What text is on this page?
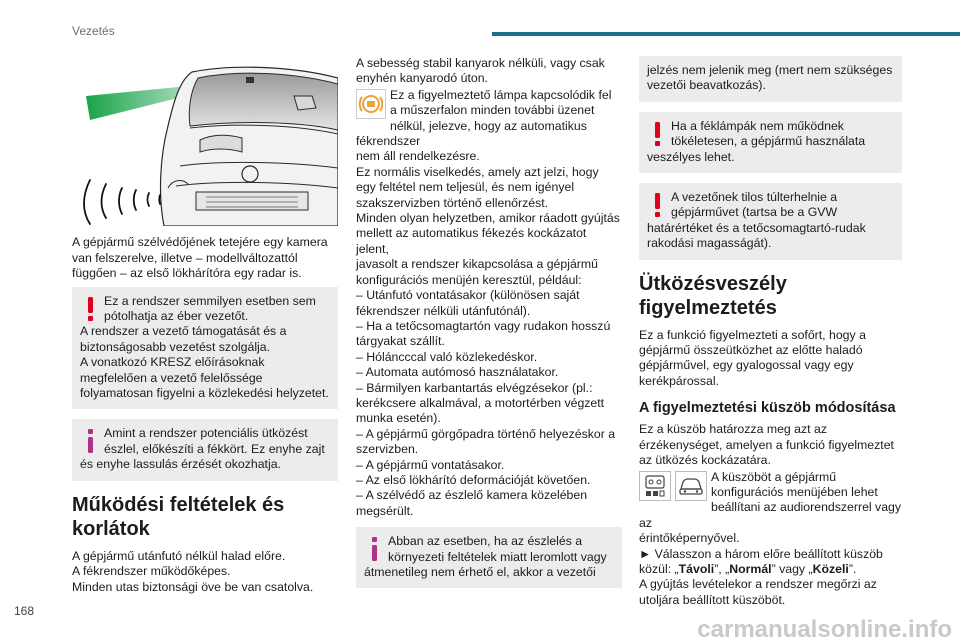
Vezetés
168
A gépjármű szélvédőjének tetejére egy kamera
van felszerelve, illetve – modellváltozattól
függően – az első lökhárítóra egy radar is.
Ez a rendszer semmilyen esetben sem
pótolhatja az éber vezetőt.
A rendszer a vezető támogatását és a
biztonságosabb vezetést szolgálja.
A vonatkozó KRESZ előírásoknak
megfelelően a vezető felelőssége
folyamatosan figyelni a közlekedési helyzetet.
Amint a rendszer potenciális ütközést
észlel, előkészíti a fékkört. Ez enyhe zajt
és enyhe lassulás érzését okozhatja.
Működési feltételek és
korlátok
A gépjármű utánfutó nélkül halad előre.
A fékrendszer működőképes.
Minden utas biztonsági öve be van csatolva.
A sebesség stabil kanyarok nélküli, vagy csak
enyhén kanyarodó úton.
Ez a figyelmeztető lámpa kapcsolódik fel
a műszerfalon minden további üzenet
nélkül, jelezve, hogy az automatikus fékrendszer
nem áll rendelkezésre.
Ez normális viselkedés, amely azt jelzi, hogy
egy feltétel nem teljesül, és nem igényel
szakszervizben történő ellenőrzést.
Minden olyan helyzetben, amikor ráadott gyújtás
mellett az automatikus fékezés kockázatot jelent,
javasolt a rendszer kikapcsolása a gépjármű
konfigurációs menüjén keresztül, például:
– Utánfutó vontatásakor (különösen saját
fékrendszer nélküli utánfutónál).
– Ha a tetőcsomagtartón vagy rudakon hosszú
tárgyakat szállít.
– Hóláncccal való közlekedéskor.
– Automata autómosó használatakor.
– Bármilyen karbantartás elvégzésekor (pl.:
kerékcsere alkalmával, a motortérben végzett
munka esetén).
– A gépjármű görgőpadra történő helyezéskor a
szervizben.
– A gépjármű vontatásakor.
– Az első lökhárító deformációját követően.
– A szélvédő az észlelő kamera közelében
megsérült.
Abban az esetben, ha az észlelés a
környezeti feltételek miatt leromlott vagy
átmenetileg nem érhető el, akkor a vezetői
jelzés nem jelenik meg (mert nem szükséges
vezetői beavatkozás).
Ha a féklámpák nem működnek
tökéletesen, a gépjármű használata
veszélyes lehet.
A vezetőnek tilos túlterhelnie a
gépjárművet (tartsa be a GVW
határértéket és a tetőcsomagtartó-rudak
rakodási magasságát).
Ütközésveszély
figyelmeztetés
Ez a funkció figyelmezteti a sofőrt, hogy a
gépjármű összeütközhet az előtte haladó
gépjárművel, egy gyalogossal vagy egy
kerékpárossal.
A figyelmeztetési küszöb módosítása
Ez a küszöb határozza meg azt az
érzékenységet, amelyen a funkció figyelmeztet
az ütközés kockázatára.
A küszöböt a gépjármű
konfigurációs menüjében lehet
beállítani az audiorendszerrel vagy az
érintőképernyővel.
► Válasszon a három előre beállított küszöb
közül: „Távoli”, „Normál” vagy „Közeli”.
A gyújtás levételekor a rendszer megőrzi az
utoljára beállított küszöböt.
carmanualsonline.info
